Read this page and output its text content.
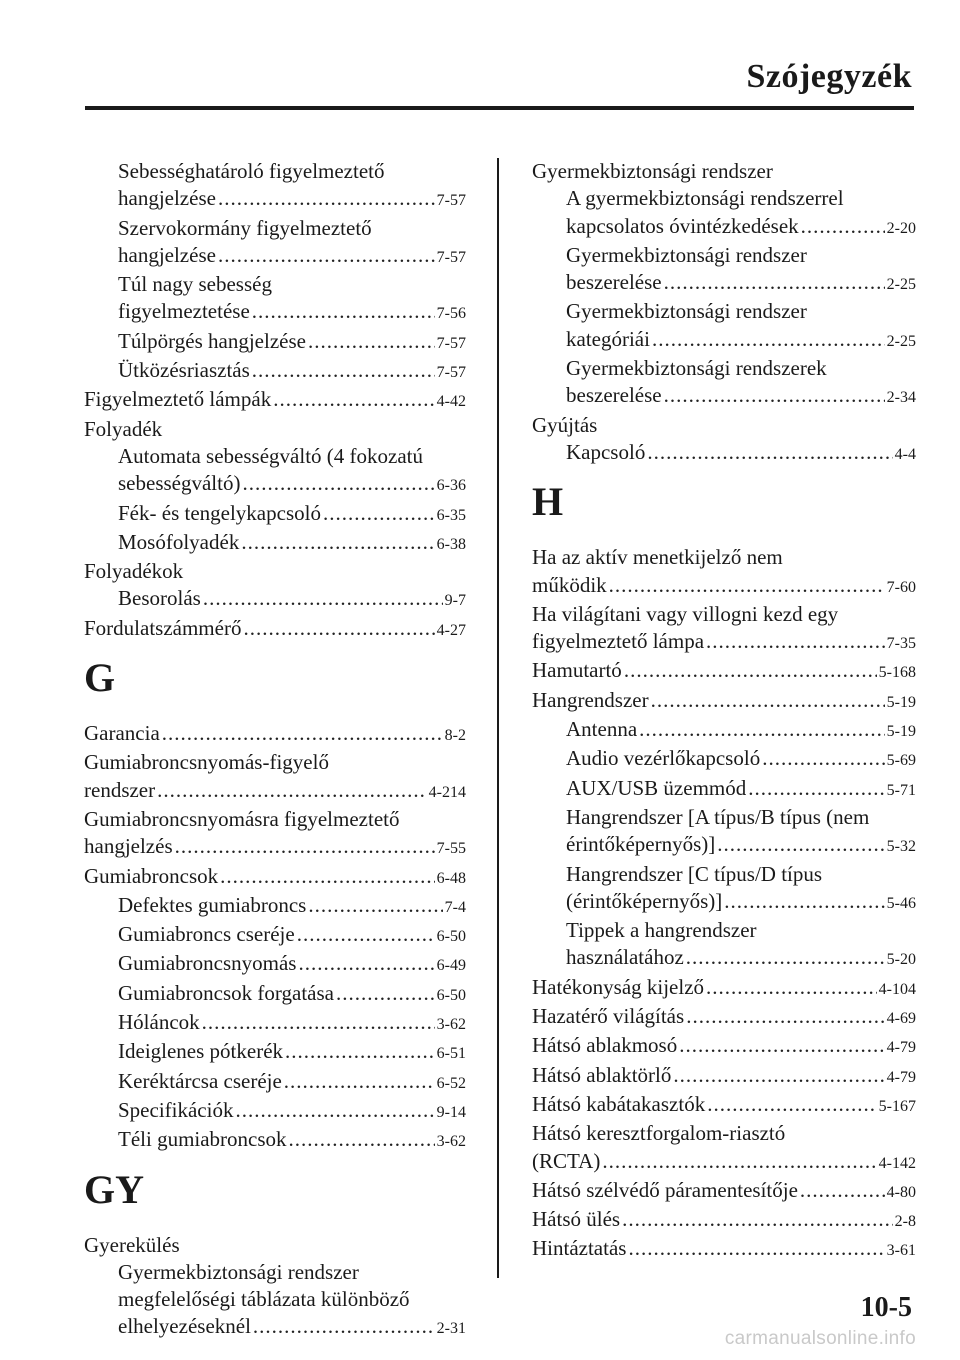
Szójegyzék
Sebességhatároló figyelmeztető
hangjelzése .....	7-57
Szervokormány figyelmeztető
hangjelzése .....	7-57
Túl nagy sebesség
figyelmeztetése .....	7-56
Túlpörgés hangjelzése .....	7-57
Ütközésriasztás .....	7-57
Figyelmeztető lámpák .....	4-42
Folyadék
Automata sebességváltó (4 fokozatú
sebességváltó) .....	6-36
Fék- és tengelykapcsoló .....	6-35
Mosófolyadék .....	6-38
Folyadékok
Besorolás .....	9-7
Fordulatszámmérő .....	4-27
G
Garancia .....	8-2
Gumiabroncsnyomás-figyelő
rendszer .....	4-214
Gumiabroncsnyomásra figyelmeztető
hangjelzés .....	7-55
Gumiabroncsok .....	6-48
Defektes gumiabroncs .....	7-4
Gumiabroncs cseréje .....	6-50
Gumiabroncsnyomás .....	6-49
Gumiabroncsok forgatása .....	6-50
Hóláncok .....	3-62
Ideiglenes pótkerék .....	6-51
Keréktárcsa cseréje .....	6-52
Specifikációk .....	9-14
Téli gumiabroncsok .....	3-62
GY
Gyerekülés
Gyermekbiztonsági rendszer
megfelelőségi táblázata különböző
elhelyezéseknél .....	2-31
Gyermekbiztonsági rendszer
A gyermekbiztonsági rendszerrel
kapcsolatos óvintézkedések .....	2-20
Gyermekbiztonsági rendszer
beszerelése .....	2-25
Gyermekbiztonsági rendszer
kategóriái .....	2-25
Gyermekbiztonsági rendszerek
beszerelése .....	2-34
Gyújtás
Kapcsoló .....	4-4
H
Ha az aktív menetkijelző nem
működik .....	7-60
Ha világítani vagy villogni kezd egy
figyelmeztető lámpa .....	7-35
Hamutartó .....	5-168
Hangrendszer .....	5-19
Antenna .....	5-19
Audio vezérlőkapcsoló .....	5-69
AUX/USB üzemmód .....	5-71
Hangrendszer [A típus/B típus (nem
érintőképernyős)] .....	5-32
Hangrendszer [C típus/D típus
(érintőképernyős)] .....	5-46
Tippek a hangrendszer
használatához .....	5-20
Hatékonyság kijelző .....	4-104
Hazatérő világítás .....	4-69
Hátsó ablakmosó .....	4-79
Hátsó ablaktörlő .....	4-79
Hátsó kabátakasztók .....	5-167
Hátsó keresztforgalom-riasztó
(RCTA) .....	4-142
Hátsó szélvédő páramentesítője .....	4-80
Hátsó ülés .....	2-8
Hintáztatás .....	3-61
10-5
carmanualsonline.info
